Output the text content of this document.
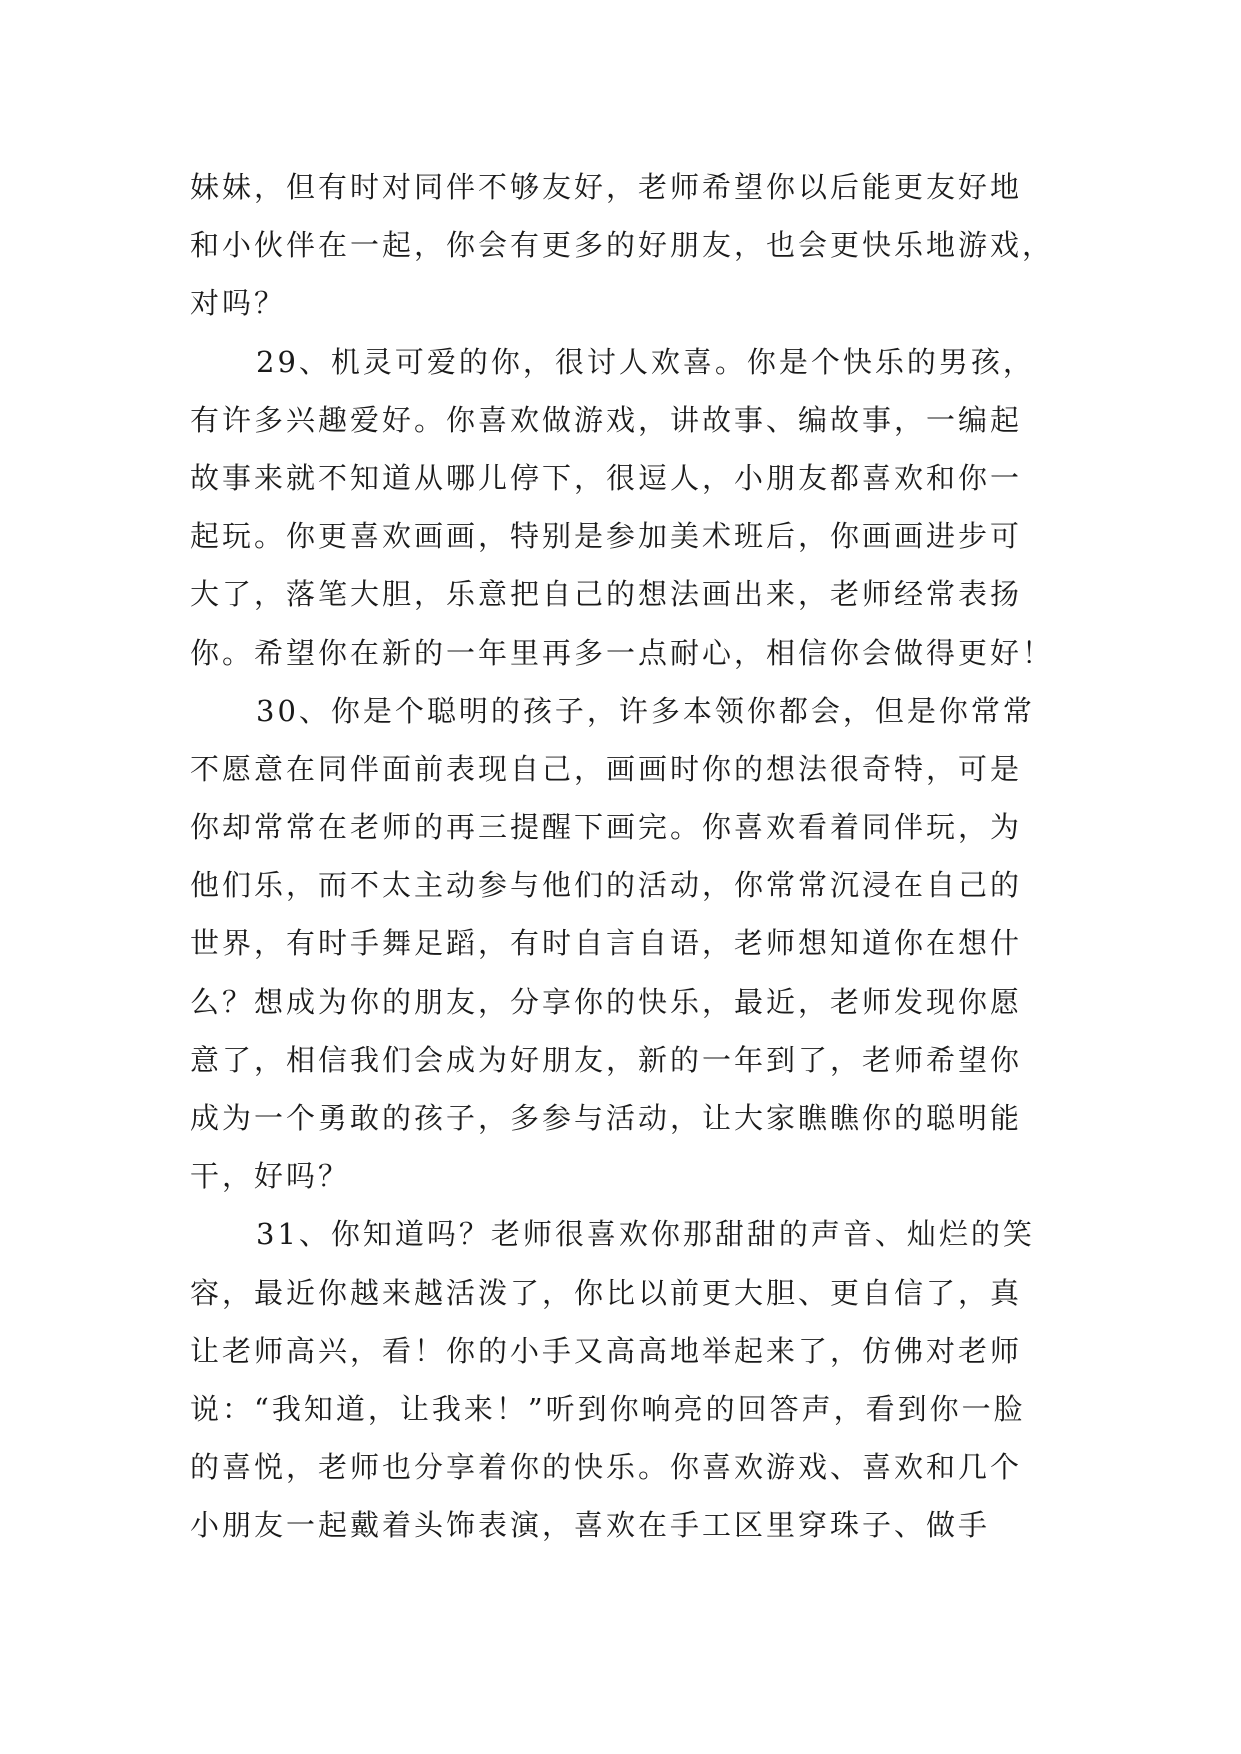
妹妹，但有时对同伴不够友好，老师希望你以后能更友好地
和小伙伴在一起，你会有更多的好朋友，也会更快乐地游戏，
对吗？
29、机灵可爱的你，很讨人欢喜。你是个快乐的男孩，
有许多兴趣爱好。你喜欢做游戏，讲故事、编故事，一编起
故事来就不知道从哪儿停下，很逗人，小朋友都喜欢和你一
起玩。你更喜欢画画，特别是参加美术班后，你画画进步可
大了，落笔大胆，乐意把自己的想法画出来，老师经常表扬
你。希望你在新的一年里再多一点耐心，相信你会做得更好！
30、你是个聪明的孩子，许多本领你都会，但是你常常
不愿意在同伴面前表现自己，画画时你的想法很奇特，可是
你却常常在老师的再三提醒下画完。你喜欢看着同伴玩，为
他们乐，而不太主动参与他们的活动，你常常沉浸在自己的
世界，有时手舞足蹈，有时自言自语，老师想知道你在想什
么？想成为你的朋友，分享你的快乐，最近，老师发现你愿
意了，相信我们会成为好朋友，新的一年到了，老师希望你
成为一个勇敢的孩子，多参与活动，让大家瞧瞧你的聪明能
干，好吗？
31、你知道吗？老师很喜欢你那甜甜的声音、灿烂的笑
容，最近你越来越活泼了，你比以前更大胆、更自信了，真
让老师高兴，看！你的小手又高高地举起来了，仿佛对老师
说：“我知道，让我来！”听到你响亮的回答声，看到你一脸
的喜悦，老师也分享着你的快乐。你喜欢游戏、喜欢和几个
小朋友一起戴着头饰表演，喜欢在手工区里穿珠子、做手
